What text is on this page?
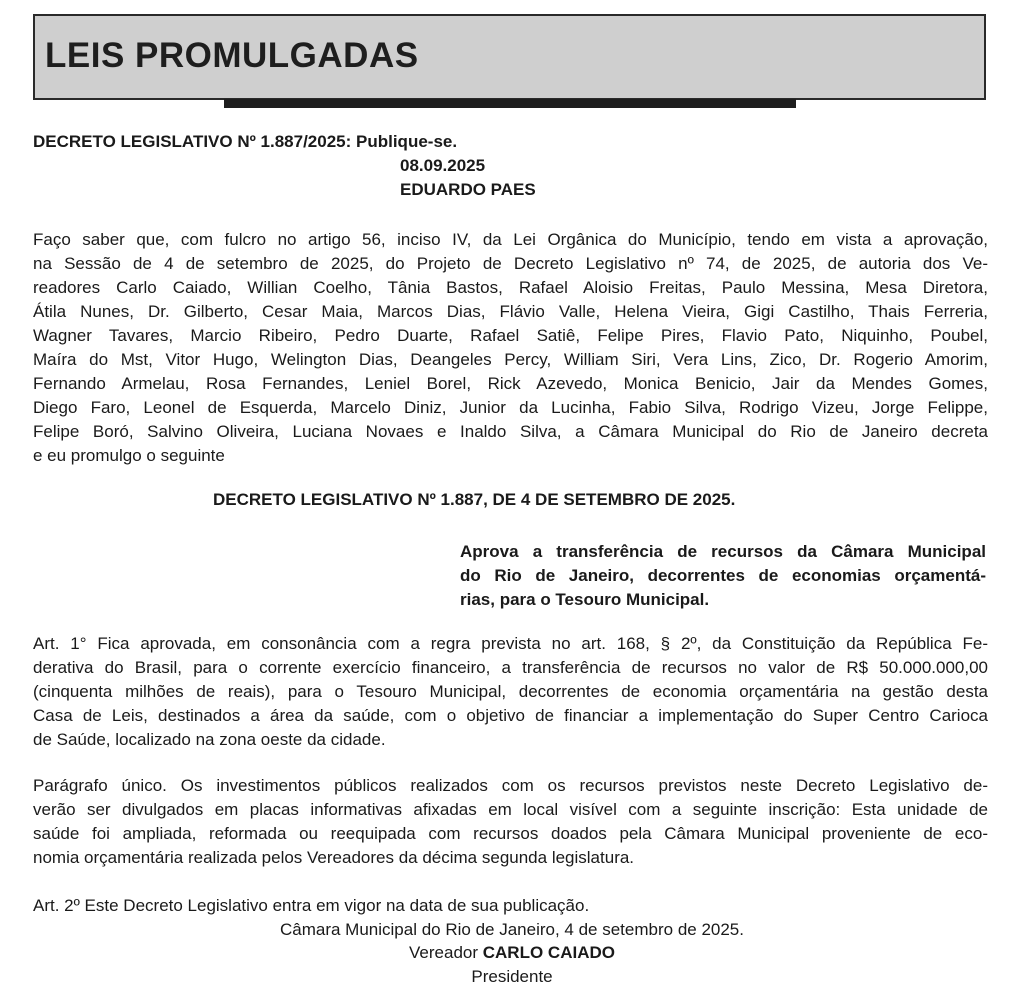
LEIS PROMULGADAS
DECRETO LEGISLATIVO Nº 1.887/2025: Publique-se.
08.09.2025
EDUARDO PAES
Faço saber que, com fulcro no artigo 56, inciso IV, da Lei Orgânica do Município, tendo em vista a aprovação,
na Sessão de 4 de setembro de 2025, do Projeto de Decreto Legislativo nº 74, de 2025, de autoria dos Ve-
readores Carlo Caiado, Willian Coelho, Tânia Bastos, Rafael Aloisio Freitas, Paulo Messina, Mesa Diretora,
Átila Nunes, Dr. Gilberto, Cesar Maia, Marcos Dias, Flávio Valle, Helena Vieira, Gigi Castilho, Thais Ferreria,
Wagner Tavares, Marcio Ribeiro, Pedro Duarte, Rafael Satiê, Felipe Pires, Flavio Pato, Niquinho, Poubel,
Maíra do Mst, Vitor Hugo, Welington Dias, Deangeles Percy, William Siri, Vera Lins, Zico, Dr. Rogerio Amorim,
Fernando Armelau, Rosa Fernandes, Leniel Borel, Rick Azevedo, Monica Benicio, Jair da Mendes Gomes,
Diego Faro, Leonel de Esquerda, Marcelo Diniz, Junior da Lucinha, Fabio Silva, Rodrigo Vizeu, Jorge Felippe,
Felipe Boró, Salvino Oliveira, Luciana Novaes e Inaldo Silva, a Câmara Municipal do Rio de Janeiro decreta
e eu promulgo o seguinte
DECRETO LEGISLATIVO Nº 1.887, DE 4 DE SETEMBRO DE 2025.
Aprova a transferência de recursos da Câmara Municipal
do Rio de Janeiro, decorrentes de economias orçamentá-
rias, para o Tesouro Municipal.
Art. 1° Fica aprovada, em consonância com a regra prevista no art. 168, § 2º, da Constituição da República Fe-
derativa do Brasil, para o corrente exercício financeiro, a transferência de recursos no valor de R$ 50.000.000,00
(cinquenta milhões de reais), para o Tesouro Municipal, decorrentes de economia orçamentária na gestão desta
Casa de Leis, destinados a área da saúde, com o objetivo de financiar a implementação do Super Centro Carioca
de Saúde, localizado na zona oeste da cidade.
Parágrafo único. Os investimentos públicos realizados com os recursos previstos neste Decreto Legislativo de-
verão ser divulgados em placas informativas afixadas em local visível com a seguinte inscrição: Esta unidade de
saúde foi ampliada, reformada ou reequipada com recursos doados pela Câmara Municipal proveniente de eco-
nomia orçamentária realizada pelos Vereadores da décima segunda legislatura.
Art. 2º Este Decreto Legislativo entra em vigor na data de sua publicação.
Câmara Municipal do Rio de Janeiro, 4 de setembro de 2025.
Vereador CARLO CAIADO
Presidente
